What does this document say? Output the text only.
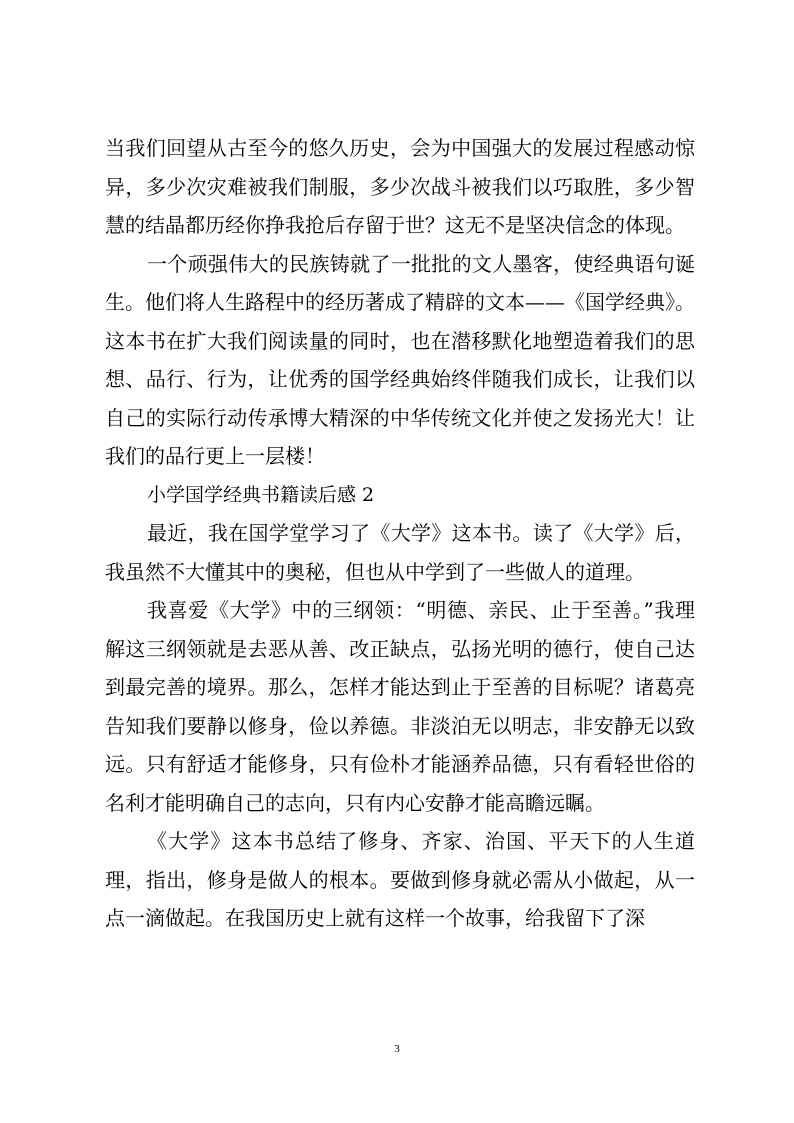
当我们回望从古至今的悠久历史，会为中国强大的发展过程感动惊异，多少次灾难被我们制服，多少次战斗被我们以巧取胜，多少智慧的结晶都历经你挣我抢后存留于世？这无不是坚决信念的体现。

一个顽强伟大的民族铸就了一批批的文人墨客，使经典语句诞生。他们将人生路程中的经历著成了精辟的文本——《国学经典》。这本书在扩大我们阅读量的同时，也在潜移默化地塑造着我们的思想、品行、行为，让优秀的国学经典始终伴随我们成长，让我们以自己的实际行动传承博大精深的中华传统文化并使之发扬光大！让我们的品行更上一层楼！

小学国学经典书籍读后感 2

最近，我在国学堂学习了《大学》这本书。读了《大学》后，我虽然不大懂其中的奥秘，但也从中学到了一些做人的道理。

我喜爱《大学》中的三纲领：“明德、亲民、止于至善。”我理解这三纲领就是去恶从善、改正缺点，弘扬光明的德行，使自己达到最完善的境界。那么，怎样才能达到止于至善的目标呢？诸葛亮告知我们要静以修身，俭以养德。非淡泊无以明志，非安静无以致远。只有舒适才能修身，只有俭朴才能涵养品德，只有看轻世俗的名利才能明确自己的志向，只有内心安静才能高瞻远瞩。

《大学》这本书总结了修身、齐家、治国、平天下的人生道理，指出，修身是做人的根本。要做到修身就必需从小做起，从一点一滴做起。在我国历史上就有这样一个故事，给我留下了深

3
